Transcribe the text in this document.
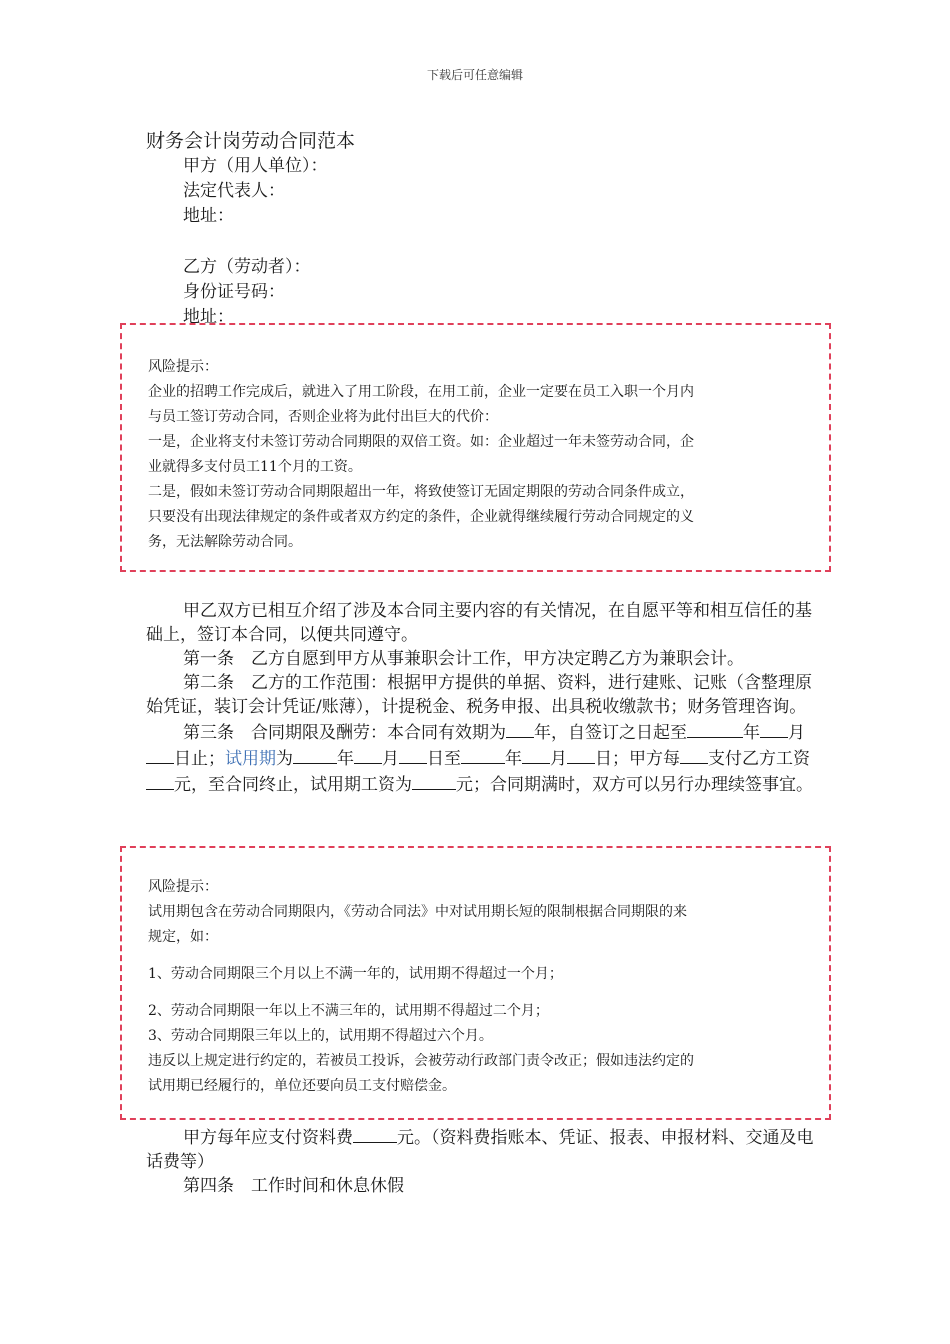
下载后可任意编辑
财务会计岗劳动合同范本
甲方（用人单位）：
法定代表人：
地址：
乙方（劳动者）：
身份证号码：
地址：

风险提示：

企业的招聘工作完成后，就进入了用工阶段，在用工前，企业一定要在员工入职一个月内

与员工签订劳动合同，否则企业将为此付出巨大的代价：

一是，企业将支付未签订劳动合同期限的双倍工资。如：企业超过一年未签劳动合同，企

业就得多支付员工11个月的工资。

二是，假如未签订劳动合同期限超出一年，将致使签订无固定期限的劳动合同条件成立，

只要没有出现法律规定的条件或者双方约定的条件，企业就得继续履行劳动合同规定的义

务，无法解除劳动合同。

甲乙双方已相互介绍了涉及本合同主要内容的有关情况，在自愿平等和相互信任的基础上，签订本合同，以便共同遵守。

第一条　乙方自愿到甲方从事兼职会计工作，甲方决定聘乙方为兼职会计。

第二条　乙方的工作范围：根据甲方提供的单据、资料，进行建账、记账（含整理原始凭证，装订会计凭证/账薄），计提税金、税务申报、出具税收缴款书；财务管理咨询。

第三条　合同期限及酬劳：本合同有效期为 年，自签订之日起至	年 月日止；试用期为	年 月 日至	年 月 日；甲方每 支付乙方工资元，至合同终止，试用期工资为	元；合同期满时，双方可以另行办理续签事宜。

风险提示：

试用期包含在劳动合同期限内，《劳动合同法》中对试用期长短的限制根据合同期限的来

规定，如：

1、劳动合同期限三个月以上不满一年的，试用期不得超过一个月；

2、劳动合同期限一年以上不满三年的，试用期不得超过二个月；

3、劳动合同期限三年以上的，试用期不得超过六个月。

违反以上规定进行约定的，若被员工投诉，会被劳动行政部门责令改正；假如违法约定的

试用期已经履行的，单位还要向员工支付赔偿金。

甲方每年应支付资料费	元。（资料费指账本、凭证、报表、申报材料、交通及电话费等）

第四条　工作时间和休息休假
